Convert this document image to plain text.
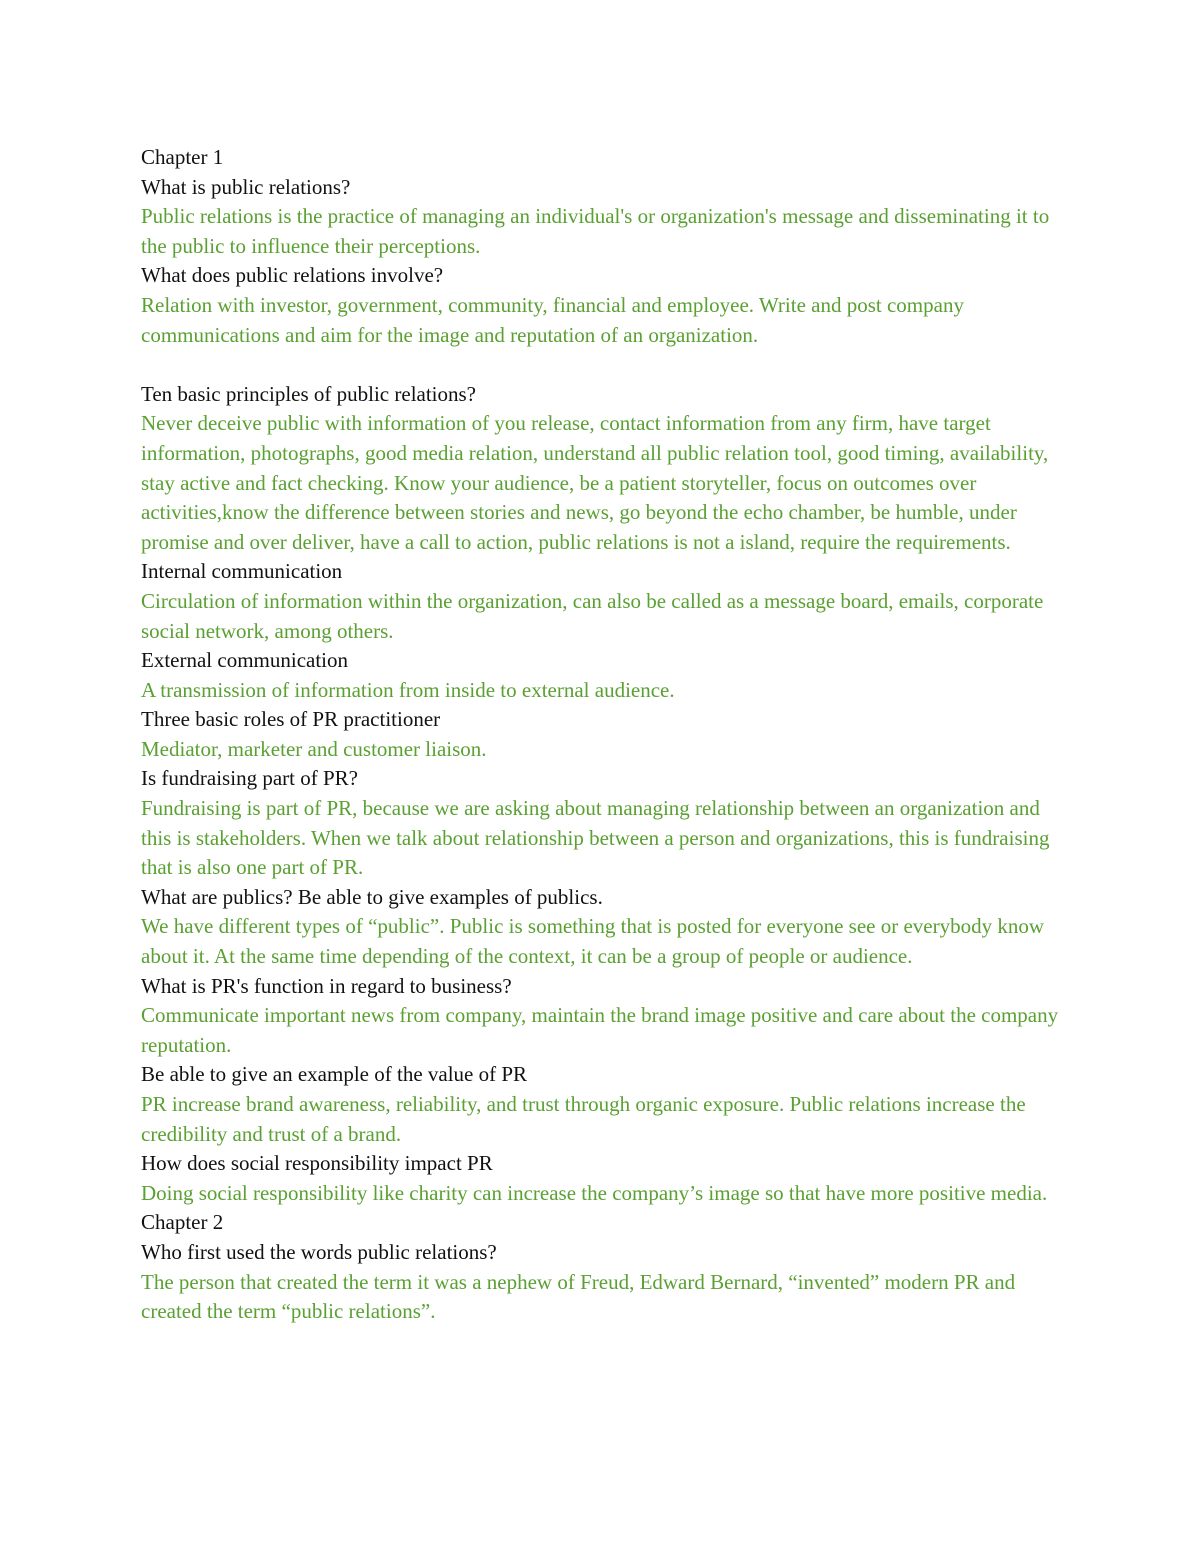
Chapter 1

What is public relations?

Public relations is the practice of managing an individual's or organization's message and disseminating it to the public to influence their perceptions.

What does public relations involve?

Relation with investor, government, community, financial and employee. Write and post company communications and aim for the image and reputation of an organization.

Ten basic principles of public relations?

Never deceive public with information of you release, contact information from any firm, have target information, photographs, good media relation, understand all public relation tool, good timing, availability, stay active and fact checking. Know your audience, be a patient storyteller, focus on outcomes over activities,know the difference between stories and news, go beyond the echo chamber, be humble, under promise and over deliver, have a call to action, public relations is not a island, require the requirements.

Internal communication

Circulation of information within the organization, can also be called as a message board, emails, corporate social network, among others.

External communication

A transmission of information from inside to external audience.

Three basic roles of PR practitioner

Mediator, marketer and customer liaison.

Is fundraising part of PR?

Fundraising is part of PR, because we are asking about managing relationship between an organization and this is stakeholders. When we talk about relationship between a person and organizations, this is fundraising that is also one part of PR.

What are publics? Be able to give examples of publics.

We have different types of “public”. Public is something that is posted for everyone see or everybody know about it. At the same time depending of the context, it can be a group of people or audience.

What is PR's function in regard to business?

Communicate important news from company, maintain the brand image positive and care about the company reputation.

Be able to give an example of the value of PR

PR increase brand awareness, reliability, and trust through organic exposure. Public relations increase the credibility and trust of a brand.

How does social responsibility impact PR

Doing social responsibility like charity can increase the company’s image so that have more positive media.

Chapter 2

Who first used the words public relations?

The person that created the term it was a nephew of Freud, Edward Bernard, “invented” modern PR and created the term “public relations”.
